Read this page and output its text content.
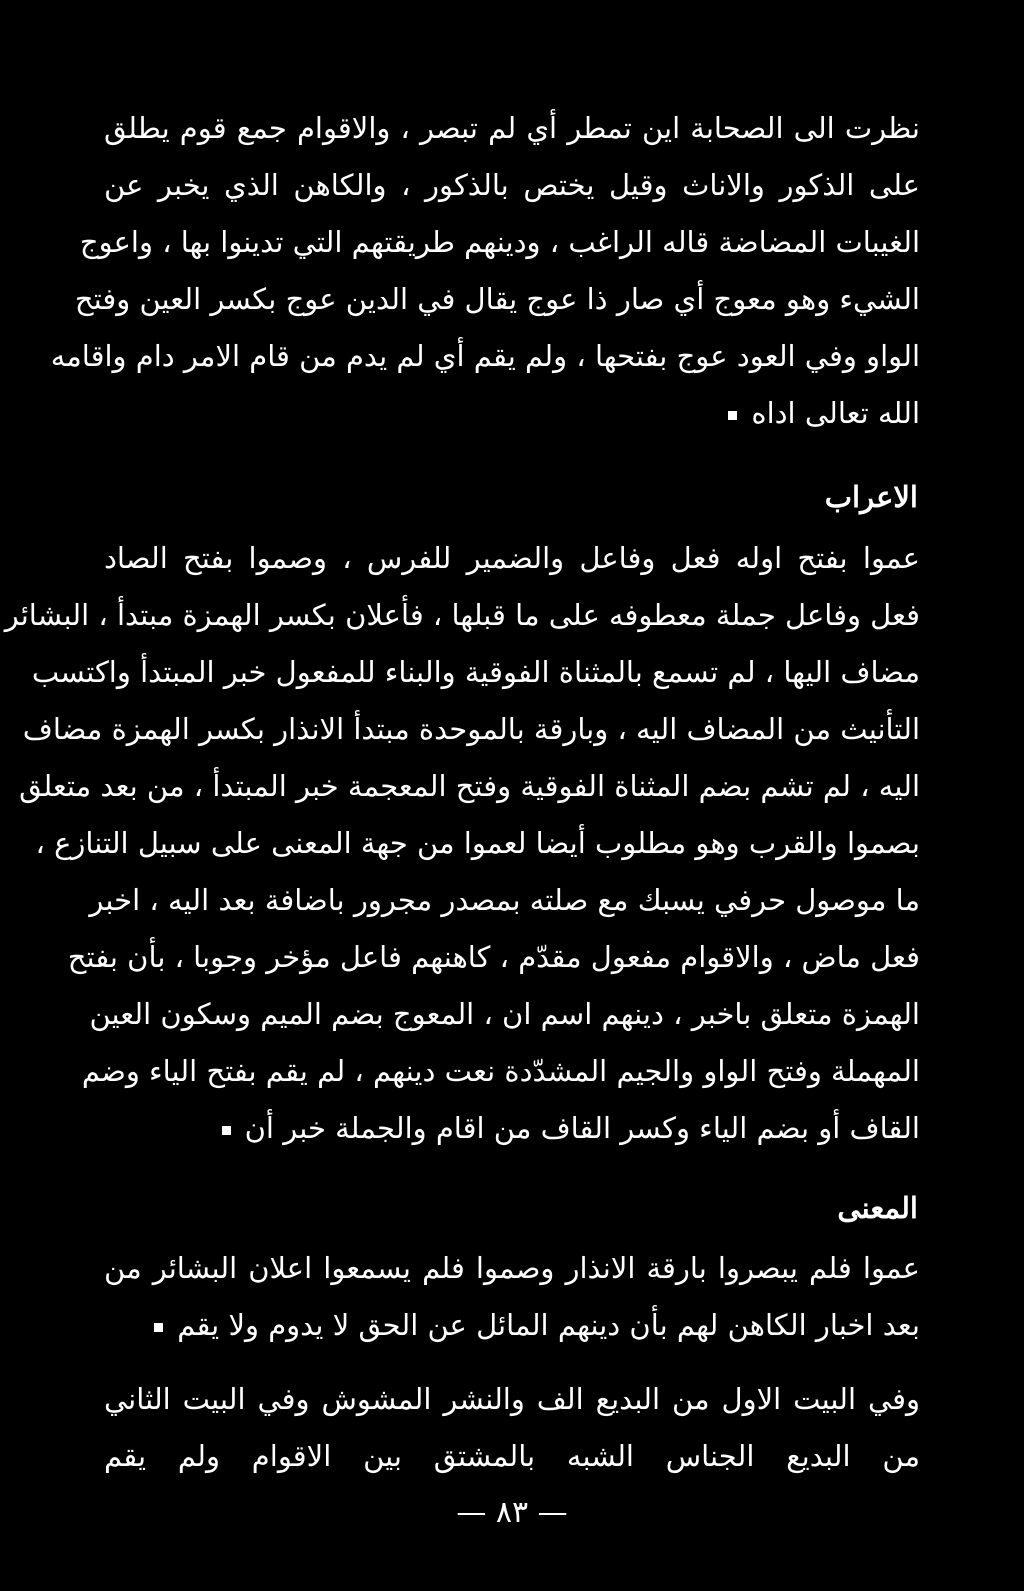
نظرت الى الصحابة اين تمطر أي لم تبصر ، والاقوام جمع قوم يطلق
على الذكور والاناث وقيل يختص بالذكور ، والكاهن الذي يخبر عن
الغيبات المضاضة قاله الراغب ، ودينهم طريقتهم التي تدينوا بها ، واعوج
الشيء وهو معوج أي صار ذا عوج يقال في الدين عوج بكسر العين وفتح
الواو وفي العود عوج بفتحها ، ولم يقم أي لم يدم من قام الامر دام واقامه
الله تعالى اداه
الاعراب
عموا بفتح اوله فعل وفاعل والضمير للفرس ، وصموا بفتح الصاد
فعل وفاعل جملة معطوفه على ما قبلها ، فأعلان بكسر الهمزة مبتدأ ، البشائر
مضاف اليها ، لم تسمع بالمثناة الفوقية والبناء للمفعول خبر المبتدأ واكتسب
التأنيث من المضاف اليه ، وبارقة بالموحدة مبتدأ الانذار بكسر الهمزة مضاف
اليه ، لم تشم بضم المثناة الفوقية وفتح المعجمة خبر المبتدأ ، من بعد متعلق
بصموا والقرب وهو مطلوب أيضا لعموا من جهة المعنى على سبيل التنازع ،
ما موصول حرفي يسبك مع صلته بمصدر مجرور باضافة بعد اليه ، اخبر
فعل ماض ، والاقوام مفعول مقدّم ، كاهنهم فاعل مؤخر وجوبا ، بأن بفتح
الهمزة متعلق باخبر ، دينهم اسم ان ، المعوج بضم الميم وسكون العين
المهملة وفتح الواو والجيم المشدّدة نعت دينهم ، لم يقم بفتح الياء وضم
القاف أو بضم الياء وكسر القاف من اقام والجملة خبر أن
المعنى
عموا فلم يبصروا بارقة الانذار وصموا فلم يسمعوا اعلان البشائر من
بعد اخبار الكاهن لهم بأن دينهم المائل عن الحق لا يدوم ولا يقم
وفي البيت الاول من البديع الف والنشر المشوش وفي البيت الثاني
من البديع الجناس الشبه بالمشتق بين الاقوام ولم يقم
— ٨٣ —
